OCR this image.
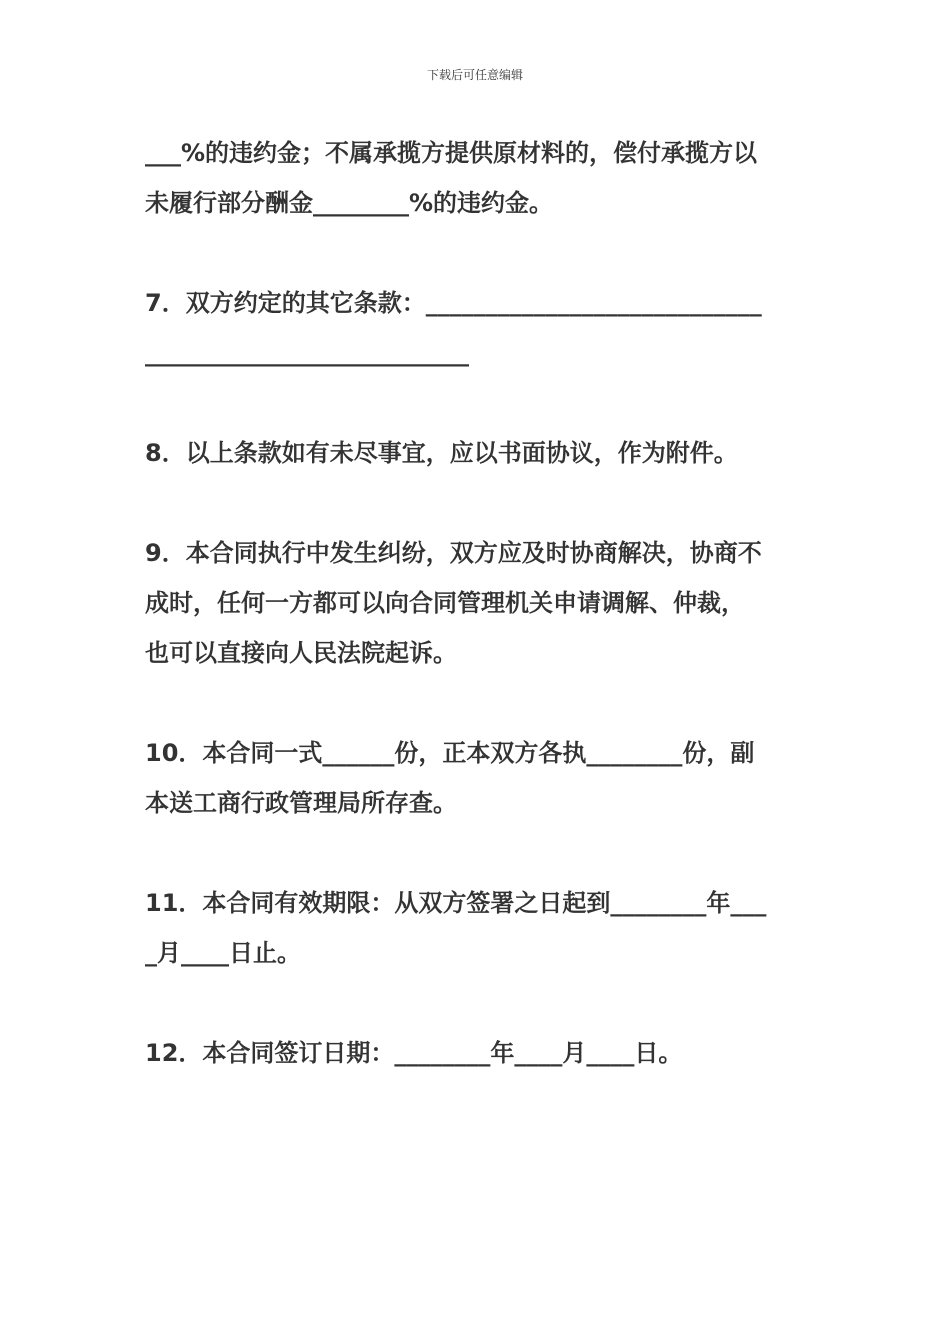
下载后可任意编辑
___%的违约金；不属承揽方提供原材料的，偿付承揽方以
未履行部分酬金________%的违约金。
7．双方约定的其它条款：____________________________
___________________________
8．以上条款如有未尽事宜，应以书面协议，作为附件。
9．本合同执行中发生纠纷，双方应及时协商解决，协商不
成时，任何一方都可以向合同管理机关申请调解、仲裁，
也可以直接向人民法院起诉。
10．本合同一式______份，正本双方各执________份，副
本送工商行政管理局所存查。
11．本合同有效期限：从双方签署之日起到________年___
_月____日止。
12．本合同签订日期：________年____月____日。
